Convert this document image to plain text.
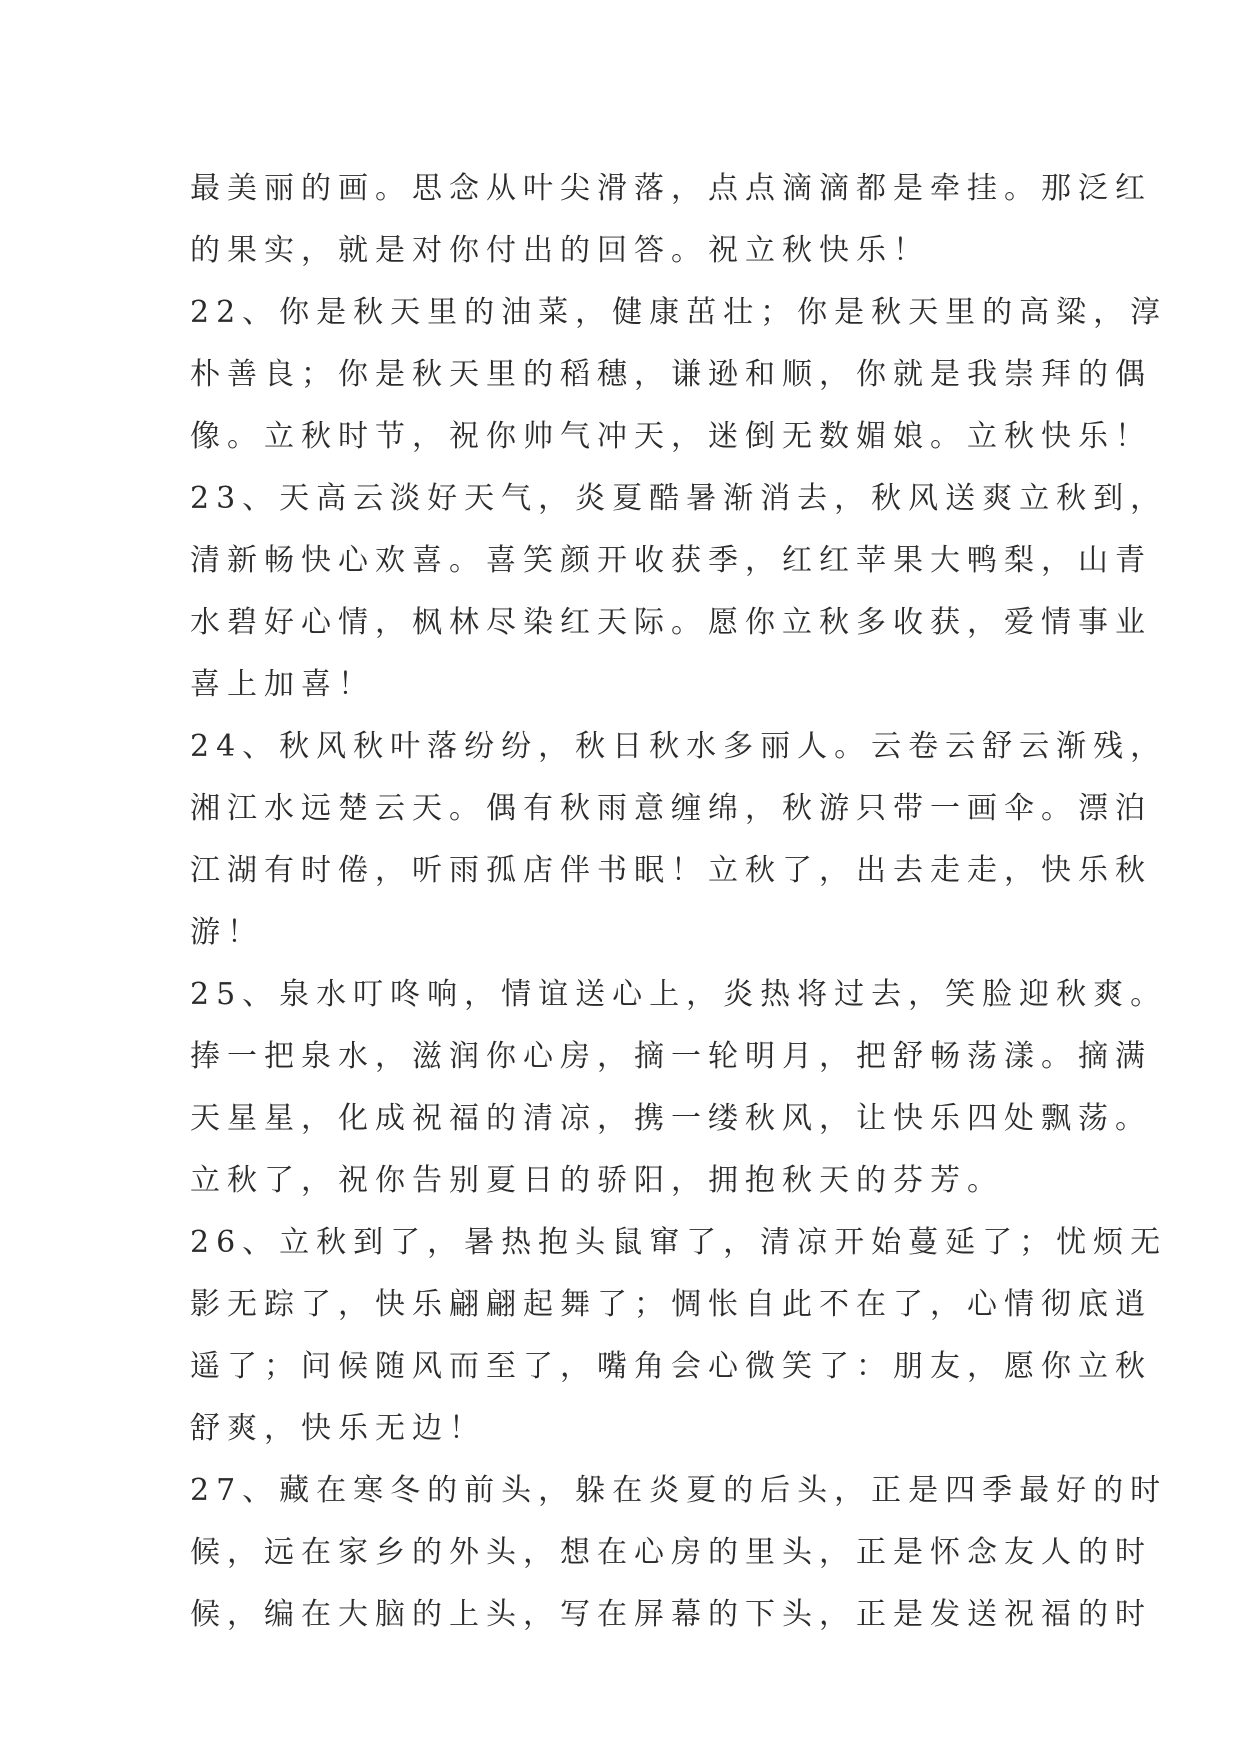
最美丽的画。思念从叶尖滑落，点点滴滴都是牵挂。那泛红
的果实，就是对你付出的回答。祝立秋快乐！
22、你是秋天里的油菜，健康茁壮；你是秋天里的高粱，淳
朴善良；你是秋天里的稻穗，谦逊和顺，你就是我崇拜的偶
像。立秋时节，祝你帅气冲天，迷倒无数媚娘。立秋快乐！
23、天高云淡好天气，炎夏酷暑渐消去，秋风送爽立秋到，
清新畅快心欢喜。喜笑颜开收获季，红红苹果大鸭梨，山青
水碧好心情，枫林尽染红天际。愿你立秋多收获，爱情事业
喜上加喜！
24、秋风秋叶落纷纷，秋日秋水多丽人。云卷云舒云渐残，
湘江水远楚云天。偶有秋雨意缠绵，秋游只带一画伞。漂泊
江湖有时倦，听雨孤店伴书眠！立秋了，出去走走，快乐秋
游！
25、泉水叮咚响，情谊送心上，炎热将过去，笑脸迎秋爽。
捧一把泉水，滋润你心房，摘一轮明月，把舒畅荡漾。摘满
天星星，化成祝福的清凉，携一缕秋风，让快乐四处飘荡。
立秋了，祝你告别夏日的骄阳，拥抱秋天的芬芳。
26、立秋到了，暑热抱头鼠窜了，清凉开始蔓延了；忧烦无
影无踪了，快乐翩翩起舞了；惆怅自此不在了，心情彻底逍
遥了；问候随风而至了，嘴角会心微笑了：朋友，愿你立秋
舒爽，快乐无边！
27、藏在寒冬的前头，躲在炎夏的后头，正是四季最好的时
候，远在家乡的外头，想在心房的里头，正是怀念友人的时
候，编在大脑的上头，写在屏幕的下头，正是发送祝福的时
